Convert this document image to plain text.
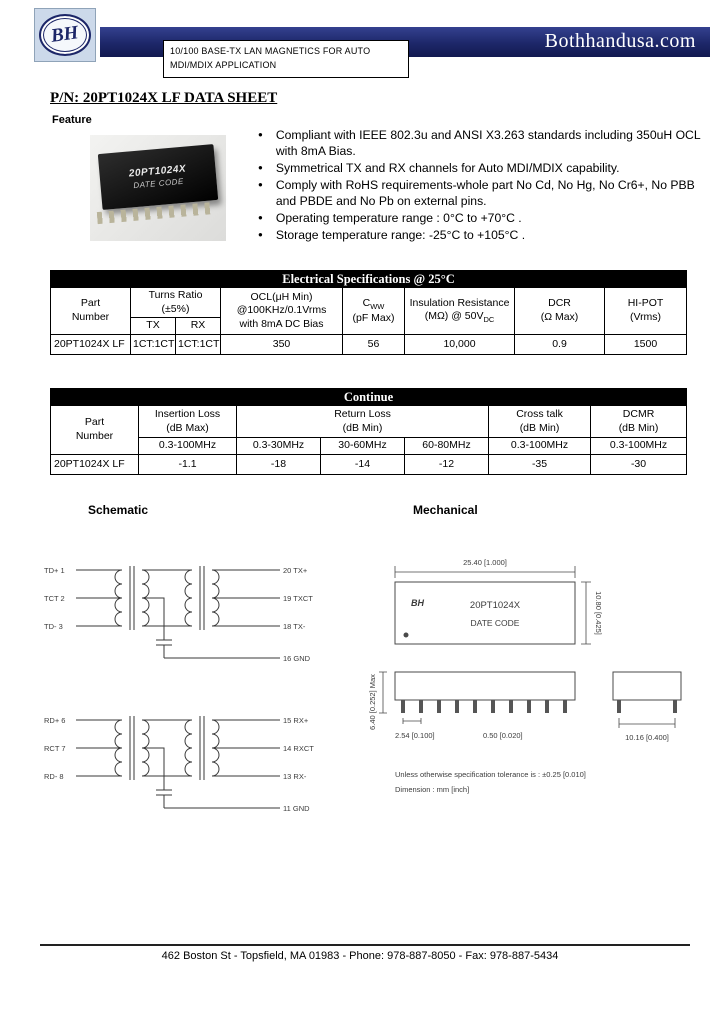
BH	Bothhandusa.com
10/100 BASE-TX LAN MAGNETICS FOR AUTO
MDI/MDIX APPLICATION
P/N: 20PT1024X LF DATA SHEET
Feature
20PT1024X
DATE CODE
● Compliant with IEEE 802.3u and ANSI X3.263 standards including 350uH OCL with 8mA Bias.
● Symmetrical TX and RX channels for Auto MDI/MDIX capability.
● Comply with RoHS requirements-whole part No Cd, No Hg, No Cr6+, No PBB and PBDE and No Pb on external pins.
● Operating temperature range : 0°C to +70°C .
● Storage temperature range: -25°C to +105°C .
Electrical Specifications @ 25°C
Part
Number	Turns Ratio
(±5%)		OCL(μH Min)
@100KHz/0.1Vrms
with 8mA DC Bias	$C_{WW}$
(pF Max)	Insulation Resistance
(MΩ) @ $50V_{DC}$	DCR
(Ω Max)	HI-POT
(Vrms)

	TX	RX					
20PT1024X LF	1CT:1CT	1CT:1CT	350	56	10,000	0.9	1500
Continue
Part
Number	Insertion Loss
(dB Max)	Return Loss
(dB Min)			Cross talk
(dB Min)	DCMR
(dB Min)

	0.3-100MHz	0.3-30MHz	30-60MHz	60-80MHz	0.3-100MHz	0.3-100MHz
20PT1024X LF	-1.1	-18	-14	-12	-35	-30
Schematic	Mechanical
TD+ 1
TCT 2
TD- 3
RD+ 6
RCT 7
RD- 8
20 TX+
19 TXCT
18 TX-
16 GND
15 RX+
14 RXCT
13 RX-
11 GND
25.40 [1.000]
10.80 [0.425]
BH	20PT1024X
DATE CODE
6.40 [0.252] Max
2.54 [0.100]	0.50 [0.020]	10.16 [0.400]
Unless otherwise specification tolerance is : ±0.25 [0.010]
Dimension : mm [inch]
462 Boston St - Topsfield, MA 01983 - Phone: 978-887-8050 - Fax: 978-887-5434
